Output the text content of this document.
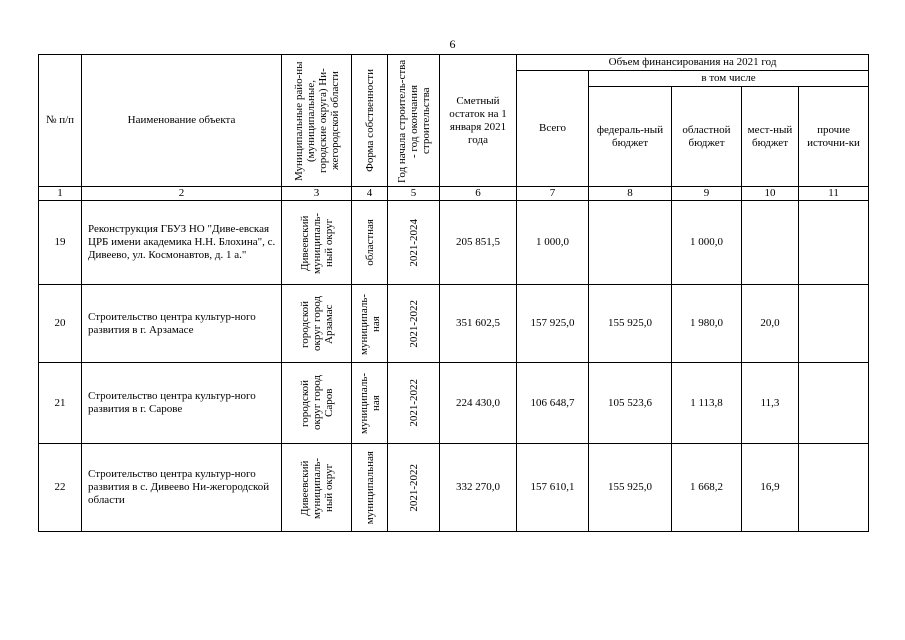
6
№ п/п	Наименование объекта	Муниципальные райо-ны (муниципальные, городские округа) Ни-жегородской области	Форма собственности	Год начала строитель-ства - год окончания строительства	Сметный остаток на 1 января 2021 года	Объем финансирования на 2021 год				
						Всего	в том числе			
							федераль-ный бюджет	областной бюджет	мест-ный бюджет	прочие источни-ки
1	2	3	4	5	6	7	8	9	10	11
19	Реконструкция ГБУЗ НО "Диве-евская ЦРБ имени академика Н.Н. Блохина", с. Дивеево, ул. Космонавтов, д. 1 а."	Дивеевский муниципаль-ный округ	областная	2021-2024	205 851,5	1 000,0		1 000,0		
20	Строительство центра культур-ного развития в г. Арзамасе	городской округ город Арзамас	муниципаль-ная	2021-2022	351 602,5	157 925,0	155 925,0	1 980,0	20,0	
21	Строительство центра культур-ного развития в г. Сарове	городской округ город Саров	муниципаль-ная	2021-2022	224 430,0	106 648,7	105 523,6	1 113,8	11,3	
22	Строительство центра культур-ного развития в с. Дивеево Ни-жегородской области	Дивеевский муниципаль-ный округ	муниципальная	2021-2022	332 270,0	157 610,1	155 925,0	1 668,2	16,9	
